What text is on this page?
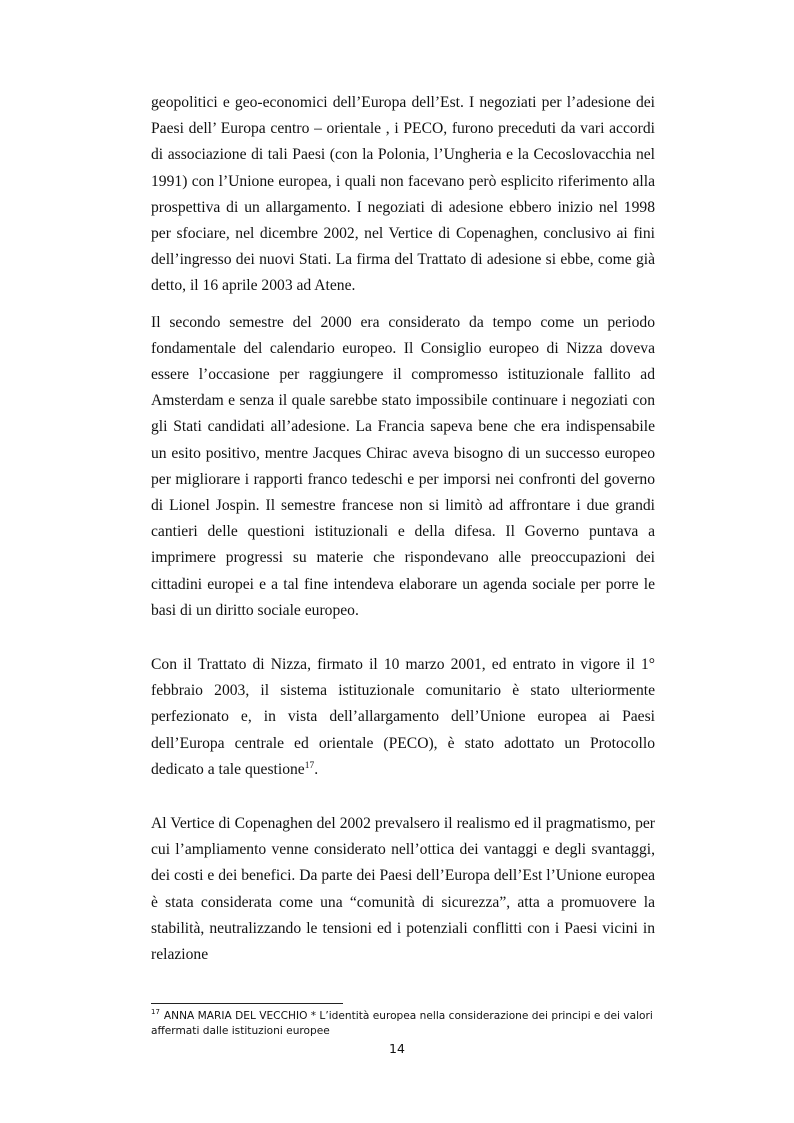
geopolitici e geo-economici dell’Europa dell’Est. I negoziati per l’adesione dei Paesi dell’ Europa centro – orientale , i PECO, furono preceduti da vari accordi di associazione di tali Paesi (con la Polonia, l’Ungheria e la Cecoslovacchia nel 1991) con l’Unione europea, i quali non facevano però esplicito riferimento alla prospettiva di un allargamento. I negoziati di adesione ebbero inizio nel 1998 per sfociare, nel dicembre 2002, nel Vertice di Copenaghen, conclusivo ai fini dell’ingresso dei nuovi Stati. La firma del Trattato di adesione si ebbe, come già detto, il 16 aprile 2003 ad Atene.

Il secondo semestre del 2000 era considerato da tempo come un periodo fondamentale del calendario europeo. Il Consiglio europeo di Nizza doveva essere l’occasione per raggiungere il compromesso istituzionale fallito ad Amsterdam e senza il quale sarebbe stato impossibile continuare i negoziati con gli Stati candidati all’adesione. La Francia sapeva bene che era indispensabile un esito positivo, mentre Jacques Chirac aveva bisogno di un successo europeo per migliorare i rapporti franco tedeschi e per imporsi nei confronti del governo di Lionel Jospin. Il semestre francese non si limitò ad affrontare i due grandi cantieri delle questioni istituzionali e della difesa. Il Governo puntava a imprimere progressi su materie che rispondevano alle preoccupazioni dei cittadini europei e a tal fine intendeva elaborare un agenda sociale per porre le basi di un diritto sociale europeo.

Con il Trattato di Nizza, firmato il 10 marzo 2001, ed entrato in vigore il 1° febbraio 2003, il sistema istituzionale comunitario è stato ulteriormente perfezionato e, in vista dell’allargamento dell’Unione europea ai Paesi dell’Europa centrale ed orientale (PECO), è stato adottato un Protocollo dedicato a tale questione$^{17}$.

Al Vertice di Copenaghen del 2002 prevalsero il realismo ed il pragmatismo, per cui l’ampliamento venne considerato nell’ottica dei vantaggi e degli svantaggi, dei costi e dei benefici. Da parte dei Paesi dell’Europa dell’Est l’Unione europea è stata considerata come una “comunità di sicurezza”, atta a promuovere la stabilità, neutralizzando le tensioni ed i potenziali conflitti con i Paesi vicini in relazione

$^{17}$ ANNA MARIA DEL VECCHIO * L’identità europea nella considerazione dei principi e dei valori affermati dalle istituzioni europee
14
